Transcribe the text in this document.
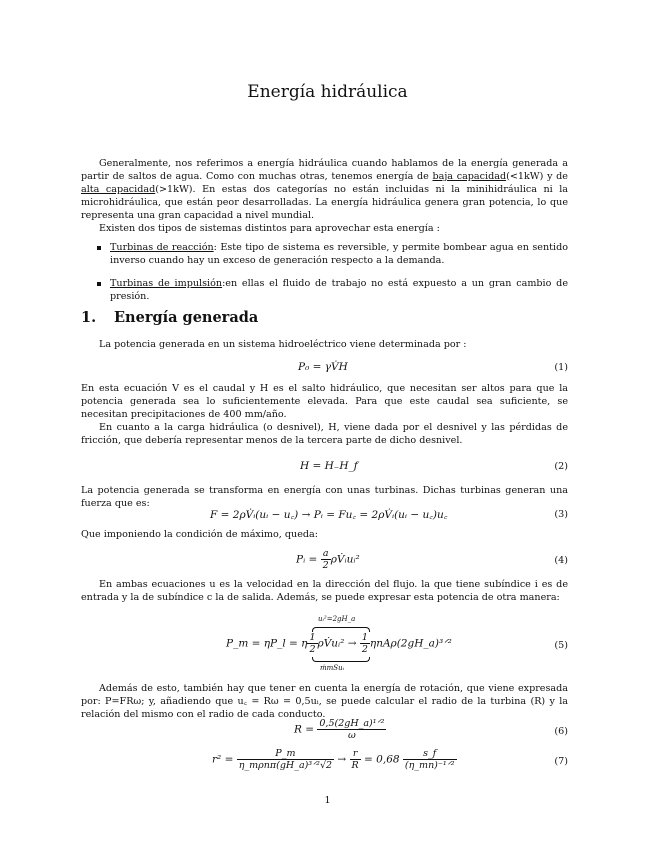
Energía hidráulica
Generalmente, nos referimos a energía hidráulica cuando hablamos de la energía generada a partir de saltos de agua. Como con muchas otras, tenemos energía de baja capacidad(<1kW) y de alta capacidad(>1kW). En estas dos categorías no están incluidas ni la minihidráulica ni la microhidráulica, que están peor desarrolladas. La energía hidráulica genera gran potencia, lo que representa una gran capacidad a nivel mundial.
Existen dos tipos de sistemas distintos para aprovechar esta energía :
Turbinas de reacción: Este tipo de sistema es reversible, y permite bombear agua en sentido inverso cuando hay un exceso de generación respecto a la demanda.
Turbinas de impulsión:en ellas el fluido de trabajo no está expuesto a un gran cambio de presión.
1. Energía generada
La potencia generada en un sistema hidroeléctrico viene determinada por :
P₀ = γV̇H	(1)
En esta ecuación V es el caudal y H es el salto hidráulico, que necesitan ser altos para que la potencia generada sea lo suficientemente elevada. Para que este caudal sea suficiente, se necesitan precipitaciones de 400 mm/año.
En cuanto a la carga hidráulica (o desnivel), H, viene dada por el desnivel y las pérdidas de fricción, que debería representar menos de la tercera parte de dicho desnivel.
H = H₋H_f	(2)
La potencia generada se transforma en energía con unas turbinas. Dichas turbinas generan una fuerza que es:
F = 2ρV̇ᵢ(uᵢ − u꜀) → Pᵢ = Fu꜀ = 2ρV̇ᵢ(uᵢ − u꜀)u꜀	(3)
Que imponiendo la condición de máximo, queda:
Pᵢ = $\frac{a}{2}$ ρV̇ᵢuᵢ²	(4)
En ambas ecuaciones u es la velocidad en la dirección del flujo. la que tiene subíndice i es de entrada y la de subíndice c la de salida. Además, se puede expresar esta potencia de otra manera:
uᵢ²=2gH_a
P_m = ηP_l = η $\frac{1}{2}$ ρV̇uᵢ² → $\frac{1}{2}$ ηnAρ(2gH_a)³ᐟ²
ṁmSuᵢ
(5)
Además de esto, también hay que tener en cuenta la energía de rotación, que viene expresada por: P=FRω; y, añadiendo que u꜀ = Rω = 0,5uᵢ, se puede calcular el radio de la turbina (R) y la relación del mismo con el radio de cada conducto.
$R = \frac{\text{0,5(2gH\_a)¹ᐟ²}}{\omega}$	(6)
$r^2 = \frac{P\_m}{\text{η\_mρnπ(gH\_a)³ᐟ²√2}} \to \frac{r}{R} = 0,68 \frac{s\_f}{\text{(η\_mn)⁻¹ᐟ²}}$	(7)
1
